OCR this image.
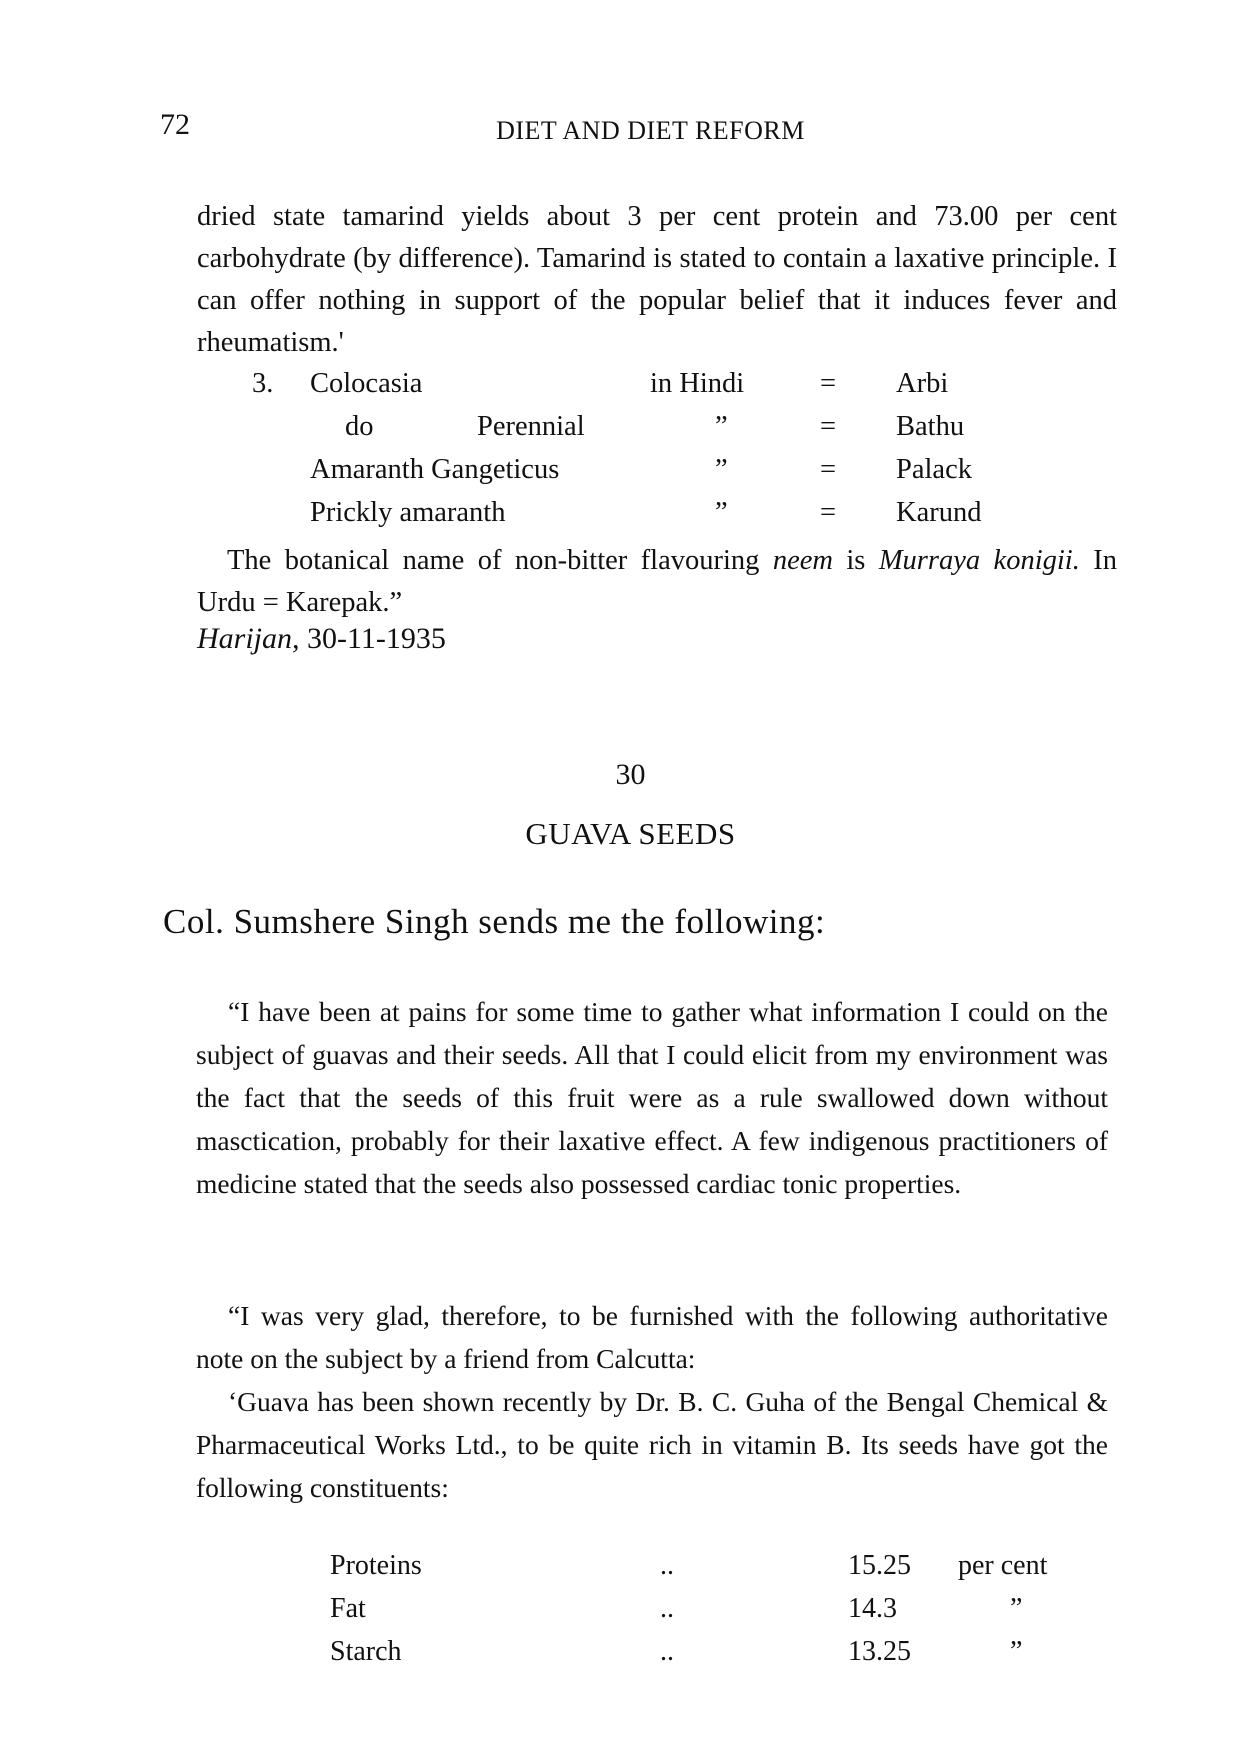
72	DIET AND DIET REFORM

dried state tamarind yields about 3 per cent protein and 73.00 per cent carbohydrate (by difference). Tamarind is stated to contain a laxative principle. I can offer nothing in support of the popular belief that it induces fever and rheumatism.'

3. Colocasia	in Hindi	= Arbi
do	Perennial	”	= Bathu
Amaranth Gangeticus	”	= Palack
Prickly amaranth	”	= Karund

The botanical name of non-bitter flavouring neem is Murraya konigii. In Urdu = Karepak.”

Harijan, 30-11-1935
30
GUAVA SEEDS
Col. Sumshere Singh sends me the following:

“I have been at pains for some time to gather what information I could on the subject of guavas and their seeds. All that I could elicit from my environment was the fact that the seeds of this fruit were as a rule swallowed down without masctication, probably for their laxative effect. A few indigenous practitioners of medicine stated that the seeds also possessed cardiac tonic properties.

“I was very glad, therefore, to be furnished with the following authoritative note on the subject by a friend from Calcutta:

‘Guava has been shown recently by Dr. B. C. Guha of the Bengal Chemical & Pharmaceutical Works Ltd., to be quite rich in vitamin B. Its seeds have got the following constituents:

Proteins	..	15.25 per cent
Fat	..	14.3	”
Starch	..	13.25	”
